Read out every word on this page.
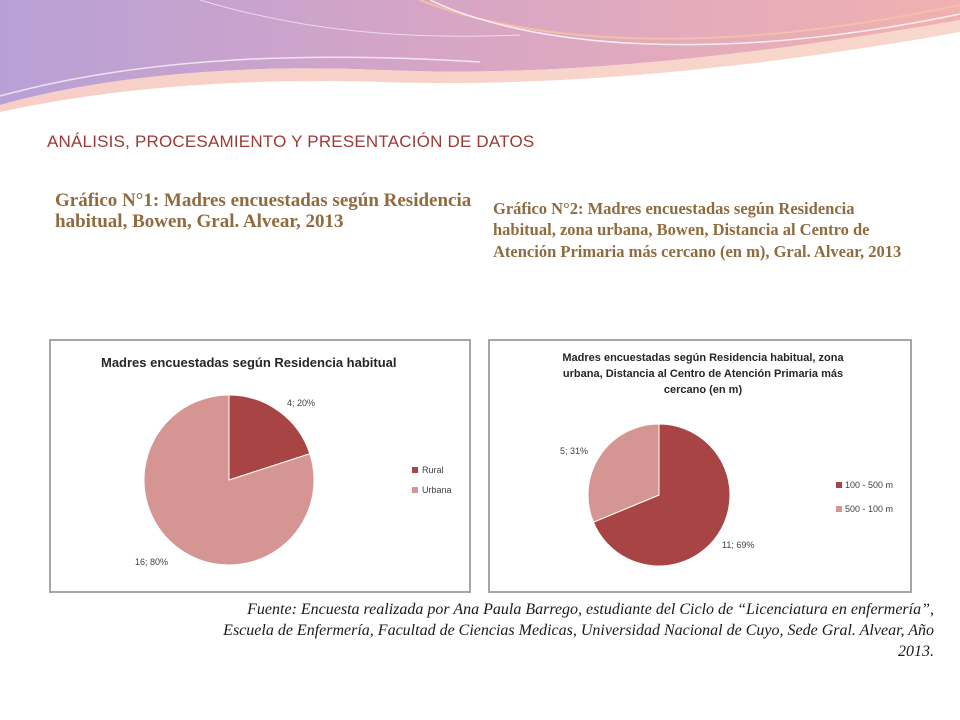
ANÁLISIS, PROCESAMIENTO Y PRESENTACIÓN DE DATOS
Gráfico N°1: Madres encuestadas según Residencia habitual, Bowen, Gral. Alvear, 2013
Gráfico N°2: Madres encuestadas según Residencia habitual, zona urbana, Bowen, Distancia al Centro de Atención Primaria más cercano (en m), Gral. Alvear, 2013
Madres encuestadas según Residencia habitual
4; 20%
16; 80%
Rural
Urbana
Madres encuestadas según Residencia habitual, zona
urbana, Distancia al Centro de Atención Primaria más
cercano (en m)
11; 69%
5; 31%
100 - 500 m
500 - 100 m
Fuente: Encuesta realizada por Ana Paula Barrego, estudiante del Ciclo de “Licenciatura en enfermería”,
Escuela de Enfermería, Facultad de Ciencias Medicas, Universidad Nacional de Cuyo, Sede Gral. Alvear, Año
2013.
